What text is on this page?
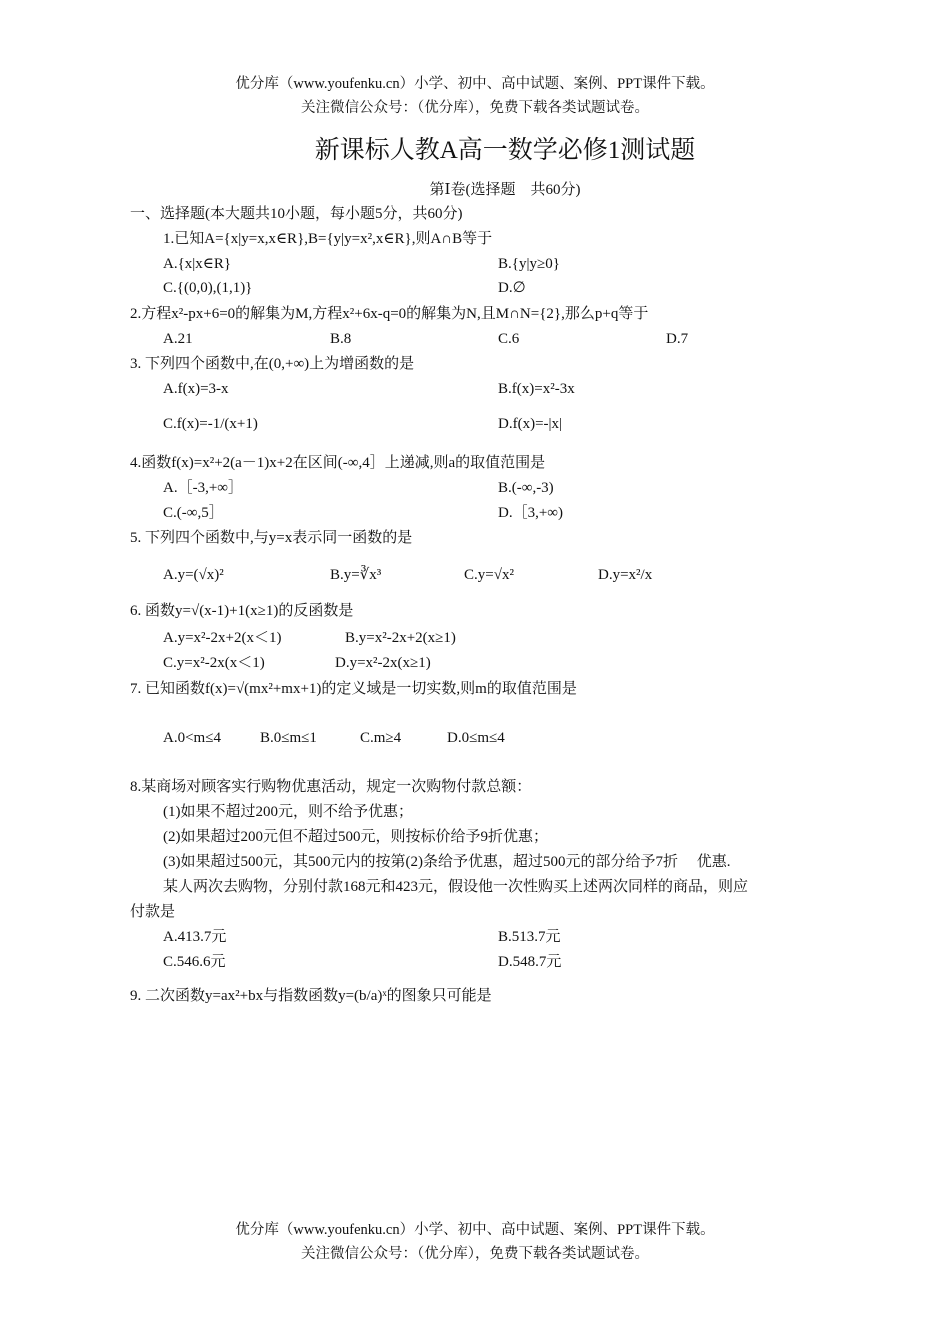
优分库（www.youfenku.cn）小学、初中、高中试题、案例、PPT课件下载。
关注微信公众号：（优分库），免费下载各类试题试卷。
新课标人教A高一数学必修1测试题
第Ⅰ卷(选择题　共60分)
一、选择题(本大题共10小题，每小题5分，共60分)
1.已知A={x|y=x,x∈R},B={y|y=x²,x∈R},则A∩B等于
A.{x|x∈R}	B.{y|y≥0}
C.{(0,0),(1,1)}	D.∅
2.方程x²-px+6=0的解集为M,方程x²+6x-q=0的解集为N,且M∩N={2},那么p+q等于
A.21	B.8	C.6	D.7
3. 下列四个函数中,在(0,+∞)上为增函数的是
A.f(x)=3-x	B.f(x)=x²-3x
C.f(x)=-1/(x+1)	D.f(x)=-|x|
4.函数f(x)=x²+2(a－1)x+2在区间(-∞,4］上递减,则a的取值范围是
A.［-3,+∞］	B.(-∞,-3)
C.(-∞,5］	D.［3,+∞)
5. 下列四个函数中,与y=x表示同一函数的是
A.y=(√x)²	B.y=∛x³	C.y=√x²	D.y=x²/x
6. 函数y=√(x-1)+1(x≥1)的反函数是
A.y=x²-2x+2(x＜1)	B.y=x²-2x+2(x≥1)
C.y=x²-2x(x＜1)	D.y=x²-2x(x≥1)
7. 已知函数f(x)=√(mx²+mx+1)的定义域是一切实数,则m的取值范围是
A.0<m≤4	B.0≤m≤1	C.m≥4	D.0≤m≤4
8.某商场对顾客实行购物优惠活动，规定一次购物付款总额：
(1)如果不超过200元，则不给予优惠；
(2)如果超过200元但不超过500元，则按标价给予9折优惠；
(3)如果超过500元，其500元内的按第(2)条给予优惠，超过500元的部分给予7折　 优惠.
某人两次去购物，分别付款168元和423元，假设他一次性购买上述两次同样的商品，则应
付款是
A.413.7元	B.513.7元
C.546.6元	D.548.7元
9. 二次函数y=ax²+bx与指数函数y=(b/a)ˣ的图象只可能是
优分库（www.youfenku.cn）小学、初中、高中试题、案例、PPT课件下载。
关注微信公众号：（优分库），免费下载各类试题试卷。
